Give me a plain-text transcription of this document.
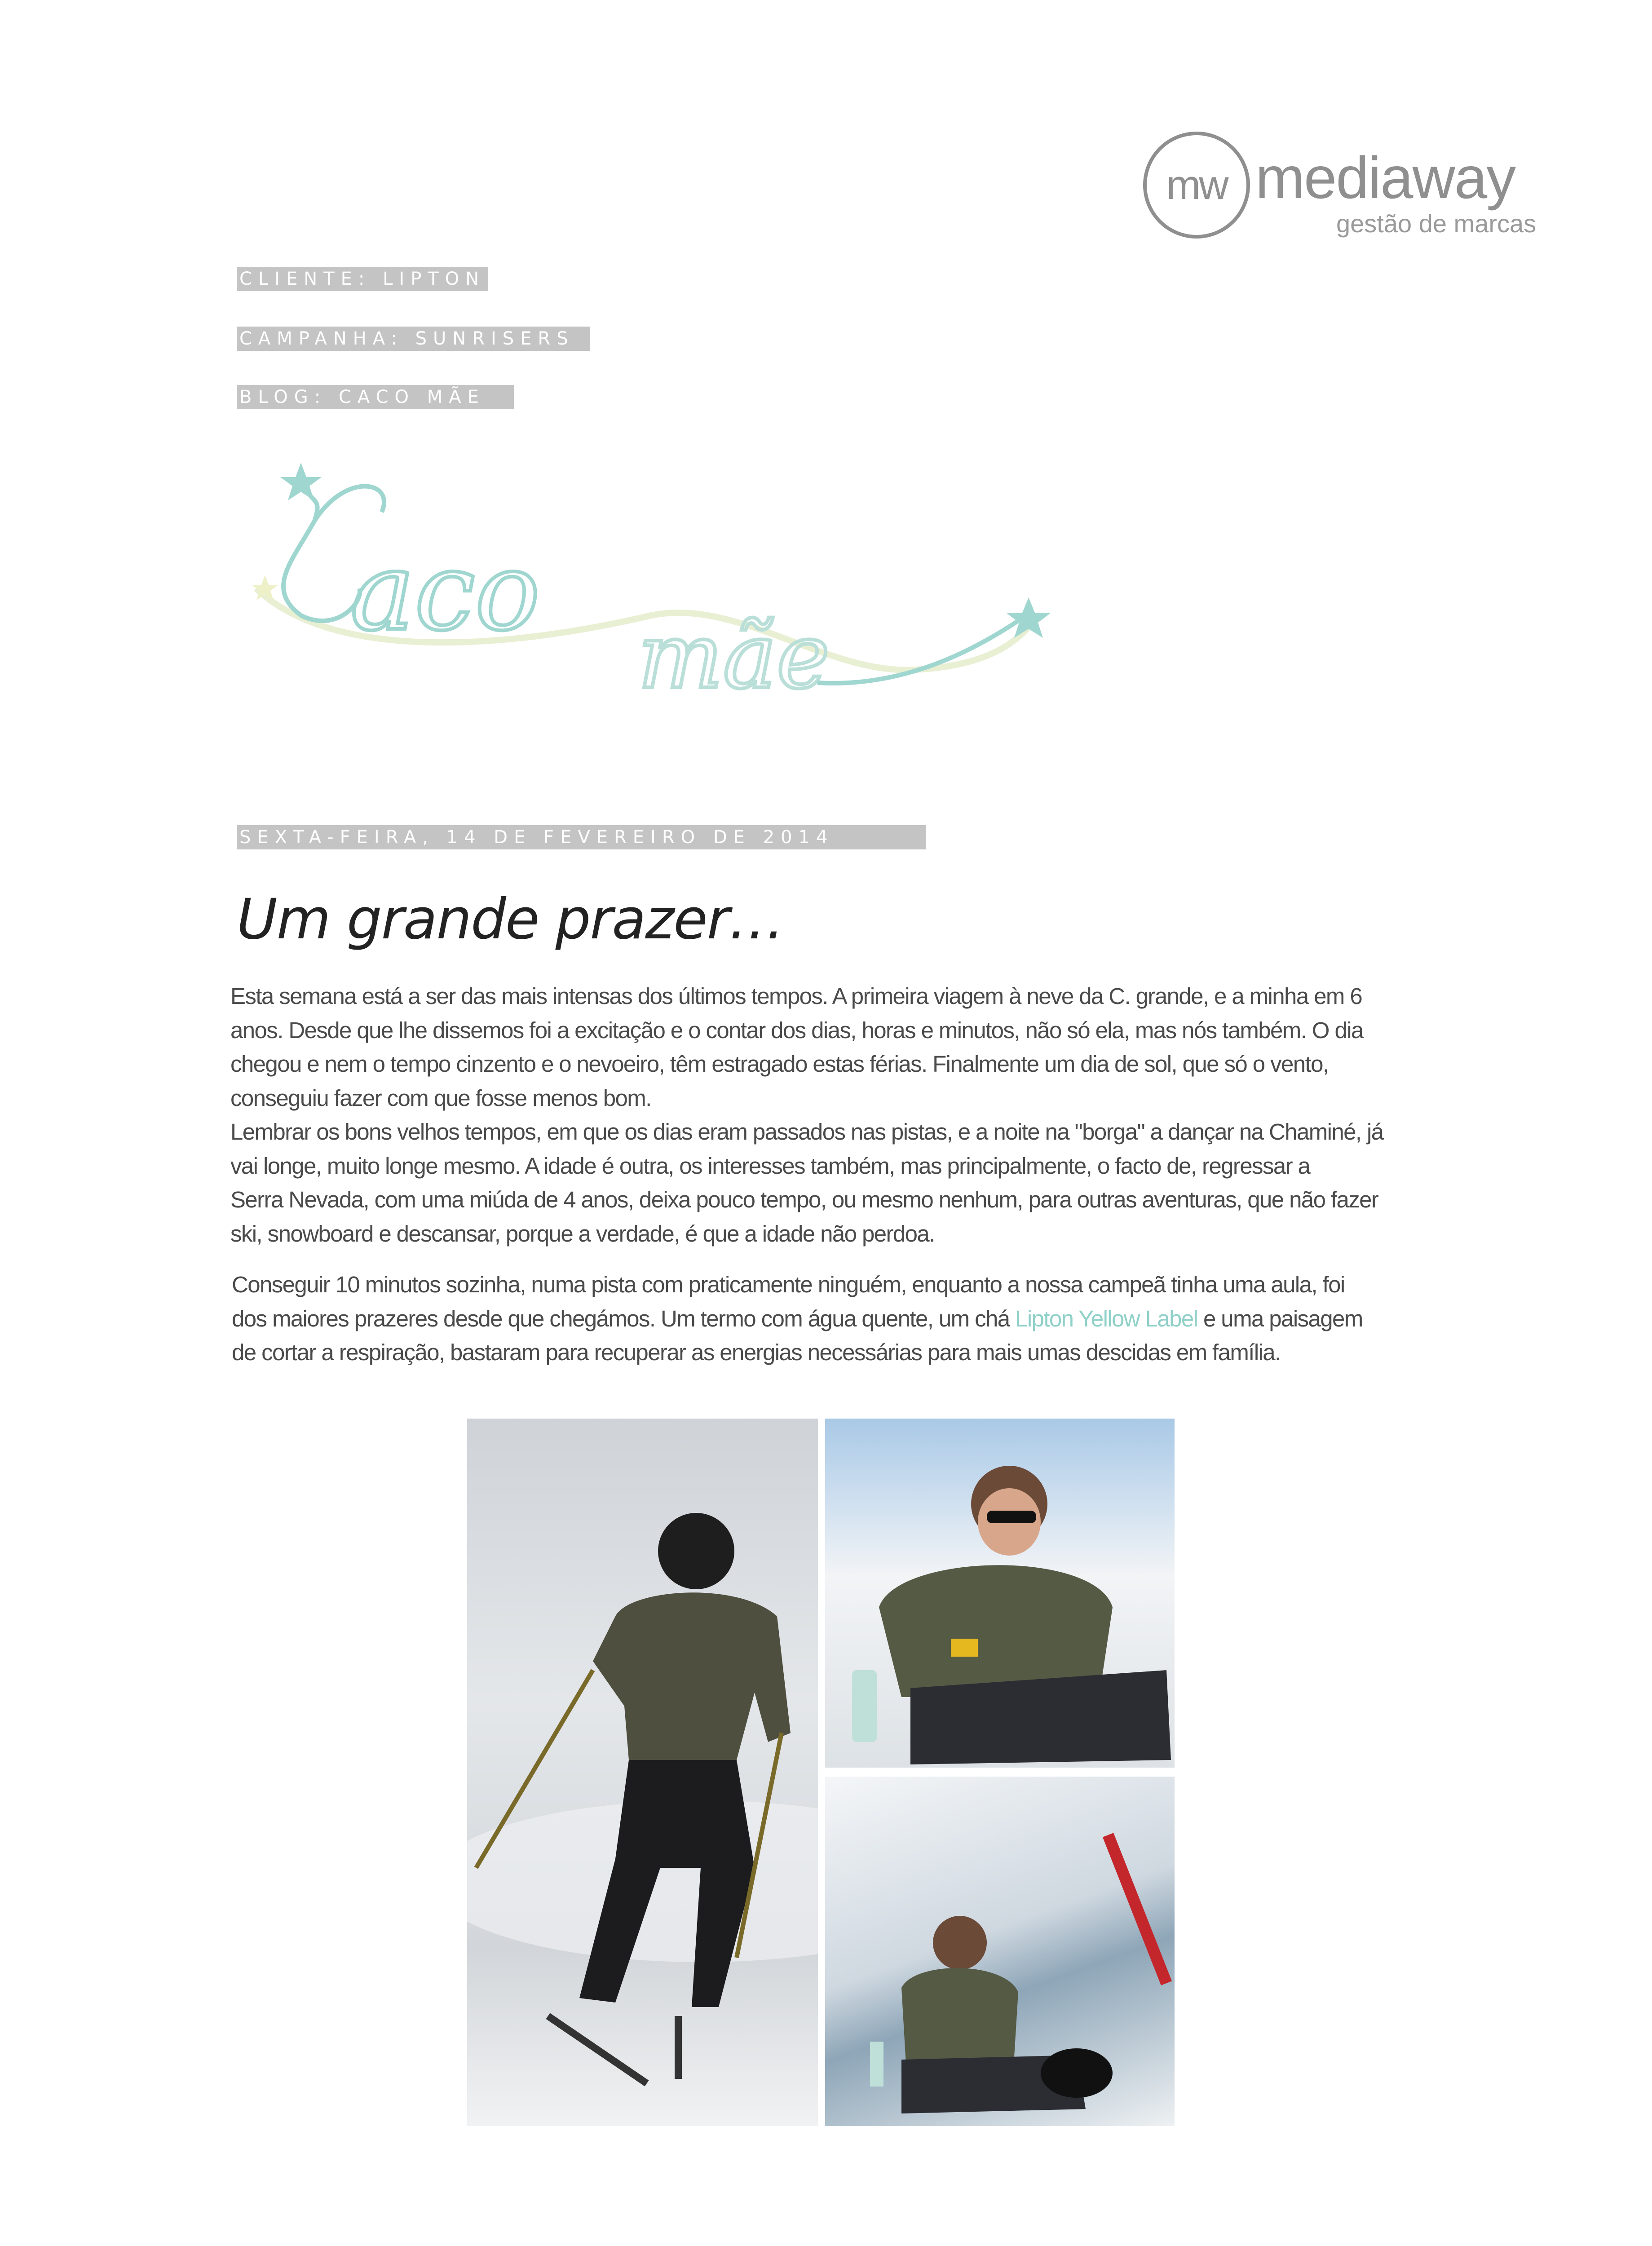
mw mediaway
gestão de marcas
CLIENTE: LIPTON
CAMPANHA: SUNRISERS
BLOG: CACO MÃE
aco
mãe
SEXTA-FEIRA, 14 DE FEVEREIRO DE 2014
Um grande prazer…
Esta semana está a ser das mais intensas dos últimos tempos. A primeira viagem à neve da C. grande, e a minha em 6
anos. Desde que lhe dissemos foi a excitação e o contar dos dias, horas e minutos, não só ela, mas nós também. O dia
chegou e nem o tempo cinzento e o nevoeiro, têm estragado estas férias. Finalmente um dia de sol, que só o vento,
conseguiu fazer com que fosse menos bom.
Lembrar os bons velhos tempos, em que os dias eram passados nas pistas, e a noite na "borga" a dançar na Chaminé, já
vai longe, muito longe mesmo. A idade é outra, os interesses também, mas principalmente, o facto de, regressar a
Serra Nevada, com uma miúda de 4 anos, deixa pouco tempo, ou mesmo nenhum, para outras aventuras, que não fazer
ski, snowboard e descansar, porque a verdade, é que a idade não perdoa.
Conseguir 10 minutos sozinha, numa pista com praticamente ninguém, enquanto a nossa campeã tinha uma aula, foi
dos maiores prazeres desde que chegámos. Um termo com água quente, um chá Lipton Yellow Label e uma paisagem
de cortar a respiração, bastaram para recuperar as energias necessárias para mais umas descidas em família.
